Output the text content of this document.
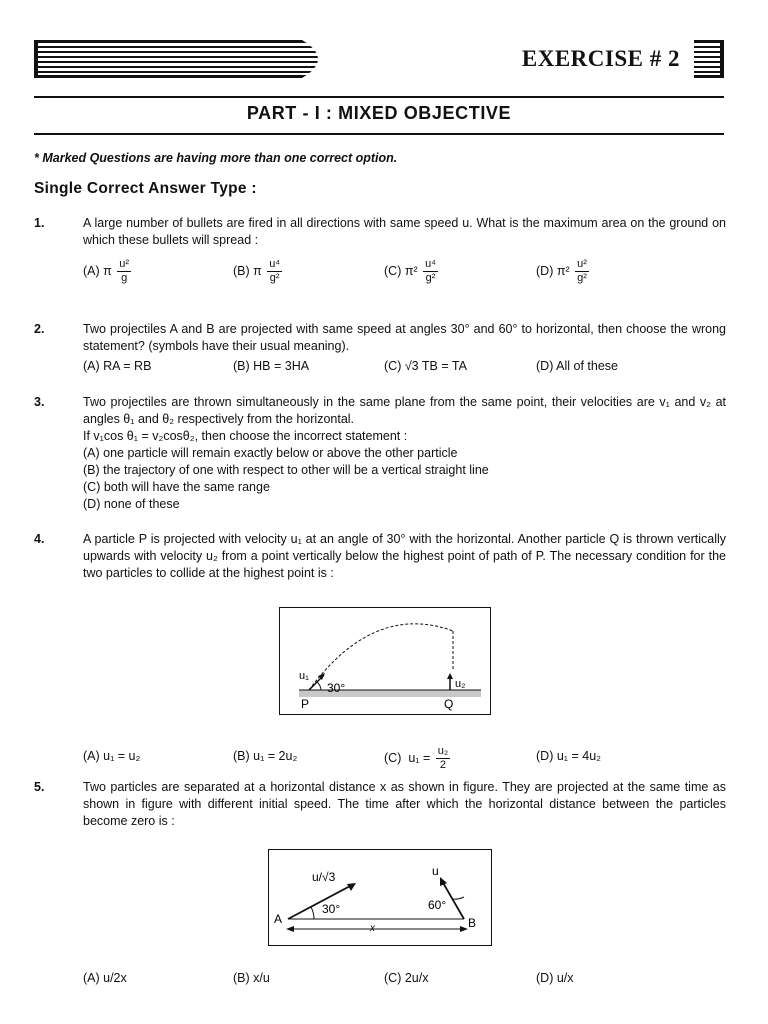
EXERCISE # 2
PART - I : MIXED OBJECTIVE
* Marked Questions are having more than one correct option.
Single Correct Answer Type :
1.	A large number of bullets are fired in all directions with same speed u. What is the maximum area on the ground on which these bullets will spread :
(A) π $\frac{\text{u²}}{g}$	(B) π $\frac{\text{u⁴}}{\text{g²}}$	(C) $\pi^2 \frac{\text{u⁴}}{\text{g²}}$	(D) $\pi^2 \frac{\text{u²}}{\text{g²}}$
2.	Two projectiles A and B are projected with same speed at angles 30° and 60° to horizontal, then choose the wrong statement? (symbols have their usual meaning).
(A) RA = RB	(B) HB = 3HA	(C) √3 TB = TA	(D) All of these
3.	Two projectiles are thrown simultaneously in the same plane from the same point, their velocities are v₁ and v₂ at angles θ₁ and θ₂ respectively from the horizontal.
If v₁cos θ₁ = v₂cosθ₂, then choose the incorrect statement :
(A) one particle will remain exactly below or above the other particle
(B) the trajectory of one with respect to other will be a vertical straight line
(C) both will have the same range
(D) none of these
4.	A particle P is projected with velocity u₁ at an angle of 30° with the horizontal. Another particle Q is thrown vertically upwards with velocity u₂ from a point vertically below the highest point of path of P. The necessary condition for the two particles to collide at the highest point is :
u₁
30°	u₂
P	Q
(A) u₁ = u₂	(B) u₁ = 2u₂	(C) $u_1 = \frac{\text{u₂}}{2}$	(D) u₁ = 4u₂
5.	Two particles are separated at a horizontal distance x as shown in figure. They are projected at the same time as shown in figure with different initial speed. The time after which the horizontal distance between the particles become zero is :
u/√3
30°
u
60°
A	B
x
(A) u/2x	(B) x/u	(C) 2u/x	(D) u/x
